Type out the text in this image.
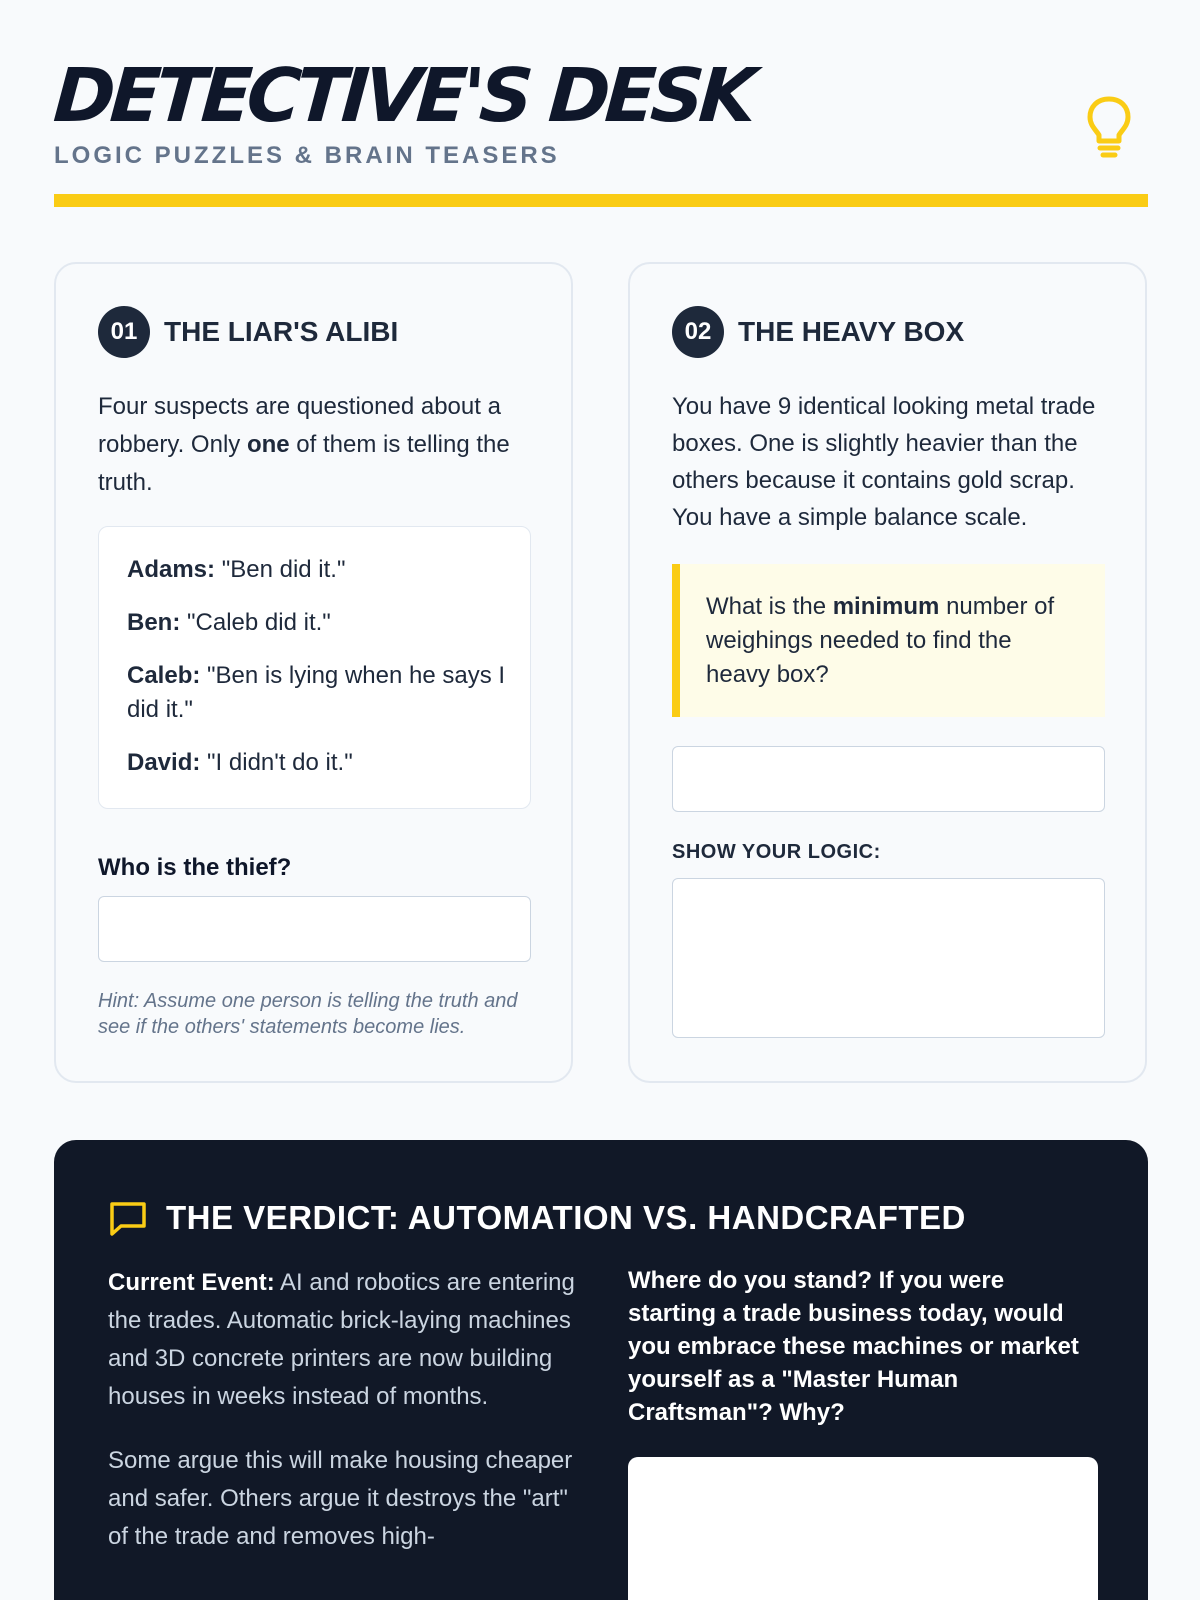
DETECTIVE'S DESK
LOGIC PUZZLES & BRAIN TEASERS
01 THE LIAR'S ALIBI

Four suspects are questioned about a robbery. Only one of them is telling the truth.

Adams: "Ben did it."
Ben: "Caleb did it."
Caleb: "Ben is lying when he says I did it."
David: "I didn't do it."
Who is the thief?

Hint: Assume one person is telling the truth and see if the others' statements become lies.

02 THE HEAVY BOX

You have 9 identical looking metal trade boxes. One is slightly heavier than the others because it contains gold scrap. You have a simple balance scale.

What is the minimum number of weighings needed to find the heavy box?
SHOW YOUR LOGIC:
THE VERDICT: AUTOMATION VS. HANDCRAFTED

Current Event: AI and robotics are entering the trades. Automatic brick-laying machines and 3D concrete printers are now building houses in weeks instead of months.

Some argue this will make housing cheaper and safer. Others argue it destroys the "art" of the trade and removes high-

Where do you stand? If you were starting a trade business today, would you embrace these machines or market yourself as a "Master Human Craftsman"? Why?
